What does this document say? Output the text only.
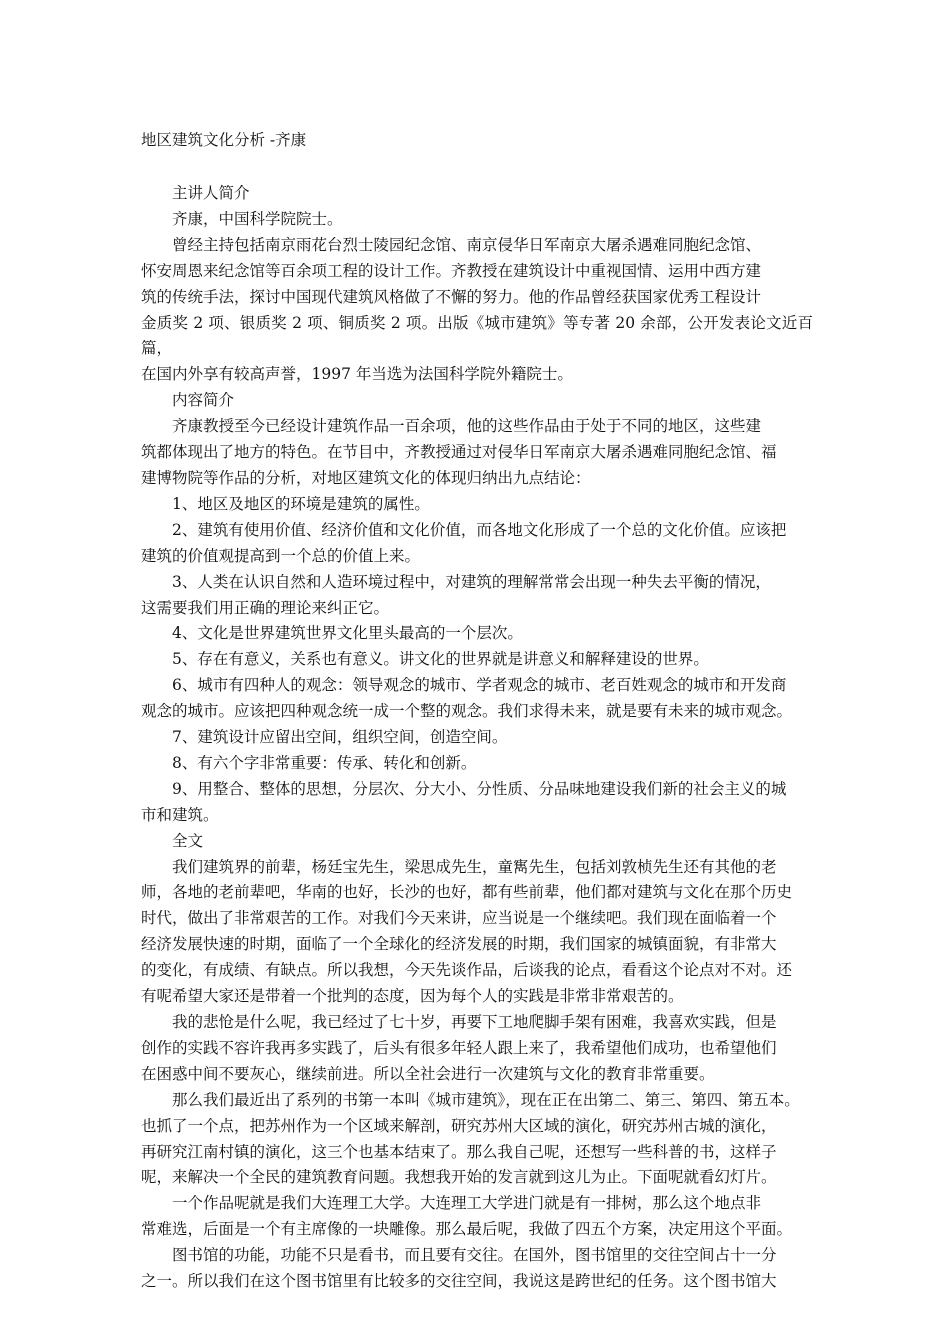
地区建筑文化分析 -齐康

主讲人简介

齐康，中国科学院院士。

曾经主持包括南京雨花台烈士陵园纪念馆、南京侵华日军南京大屠杀遇难同胞纪念馆、

怀安周恩来纪念馆等百余项工程的设计工作。齐教授在建筑设计中重视国情、运用中西方建

筑的传统手法，探讨中国现代建筑风格做了不懈的努力。他的作品曾经获国家优秀工程设计

金质奖 2 项、银质奖 2 项、铜质奖 2 项。出版《城市建筑》等专著 20 余部，公开发表论文近百篇，

在国内外享有较高声誉，1997 年当选为法国科学院外籍院士。

内容简介

齐康教授至今已经设计建筑作品一百余项，他的这些作品由于处于不同的地区，这些建

筑都体现出了地方的特色。在节目中，齐教授通过对侵华日军南京大屠杀遇难同胞纪念馆、福

建博物院等作品的分析，对地区建筑文化的体现归纳出九点结论：

1、地区及地区的环境是建筑的属性。

2、建筑有使用价值、经济价值和文化价值，而各地文化形成了一个总的文化价值。应该把

建筑的价值观提高到一个总的价值上来。

3、人类在认识自然和人造环境过程中，对建筑的理解常常会出现一种失去平衡的情况，

这需要我们用正确的理论来纠正它。

4、文化是世界建筑世界文化里头最高的一个层次。

5、存在有意义，关系也有意义。讲文化的世界就是讲意义和解释建设的世界。

6、城市有四种人的观念：领导观念的城市、学者观念的城市、老百姓观念的城市和开发商

观念的城市。应该把四种观念统一成一个整的观念。我们求得未来，就是要有未来的城市观念。

7、建筑设计应留出空间，组织空间，创造空间。

8、有六个字非常重要：传承、转化和创新。

9、用整合、整体的思想，分层次、分大小、分性质、分品味地建设我们新的社会主义的城

市和建筑。

全文

我们建筑界的前辈，杨廷宝先生，梁思成先生，童寯先生，包括刘敦桢先生还有其他的老

师，各地的老前辈吧，华南的也好，长沙的也好，都有些前辈，他们都对建筑与文化在那个历史

时代，做出了非常艰苦的工作。对我们今天来讲，应当说是一个继续吧。我们现在面临着一个

经济发展快速的时期，面临了一个全球化的经济发展的时期，我们国家的城镇面貌，有非常大

的变化，有成绩、有缺点。所以我想，今天先谈作品，后谈我的论点，看看这个论点对不对。还

有呢希望大家还是带着一个批判的态度，因为每个人的实践是非常非常艰苦的。

我的悲怆是什么呢，我已经过了七十岁，再要下工地爬脚手架有困难，我喜欢实践，但是

创作的实践不容许我再多实践了，后头有很多年轻人跟上来了，我希望他们成功，也希望他们

在困惑中间不要灰心，继续前进。所以全社会进行一次建筑与文化的教育非常重要。

那么我们最近出了系列的书第一本叫《城市建筑》，现在正在出第二、第三、第四、第五本。

也抓了一个点，把苏州作为一个区域来解剖，研究苏州大区域的演化，研究苏州古城的演化，

再研究江南村镇的演化，这三个也基本结束了。那么我自己呢，还想写一些科普的书，这样子

呢，来解决一个全民的建筑教育问题。我想我开始的发言就到这儿为止。下面呢就看幻灯片。

一个作品呢就是我们大连理工大学。大连理工大学进门就是有一排树，那么这个地点非

常难选，后面是一个有主席像的一块雕像。那么最后呢，我做了四五个方案，决定用这个平面。

图书馆的功能，功能不只是看书，而且要有交往。在国外，图书馆里的交往空间占十一分

之一。所以我们在这个图书馆里有比较多的交往空间，我说这是跨世纪的任务。这个图书馆大
